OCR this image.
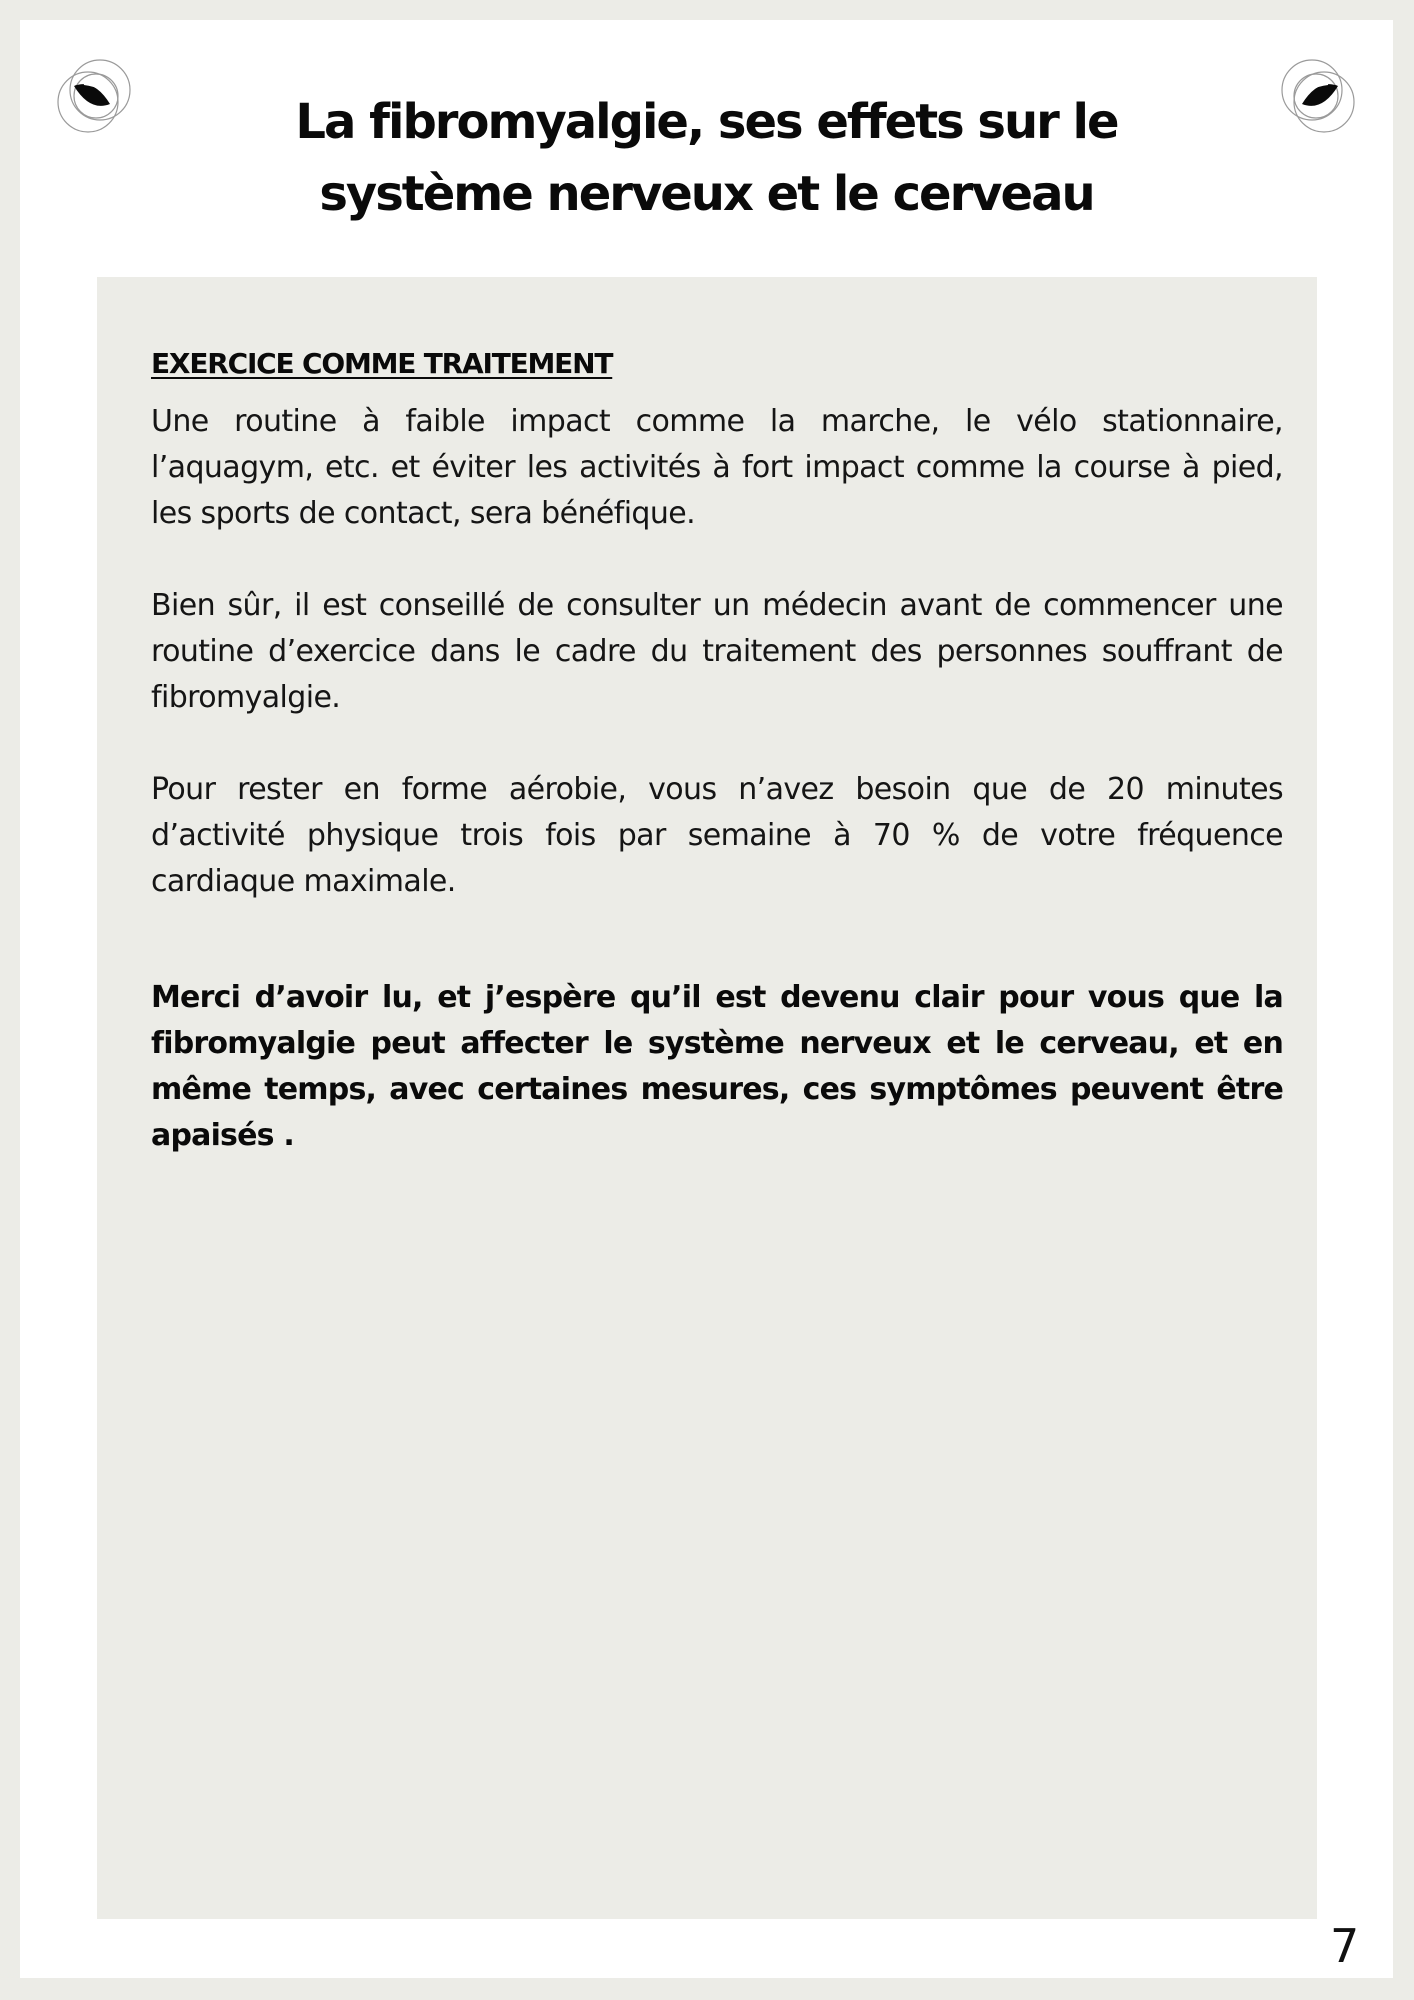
La fibromyalgie, ses effets sur le
système nerveux et le cerveau
EXERCICE COMME TRAITEMENT

Une routine à faible impact comme la marche, le vélo stationnaire, l’aquagym, etc. et éviter les activités à fort impact comme la course à pied, les sports de contact, sera bénéfique.

Bien sûr, il est conseillé de consulter un médecin avant de commencer une routine d’exercice dans le cadre du traitement des personnes souffrant de fibromyalgie.

Pour rester en forme aérobie, vous n’avez besoin que de 20 minutes d’activité physique trois fois par semaine à 70 % de votre fréquence cardiaque maximale.

Merci d’avoir lu, et j’espère qu’il est devenu clair pour vous que la fibromyalgie peut affecter le système nerveux et le cerveau, et en même temps, avec certaines mesures, ces symptômes peuvent être apaisés .

7
